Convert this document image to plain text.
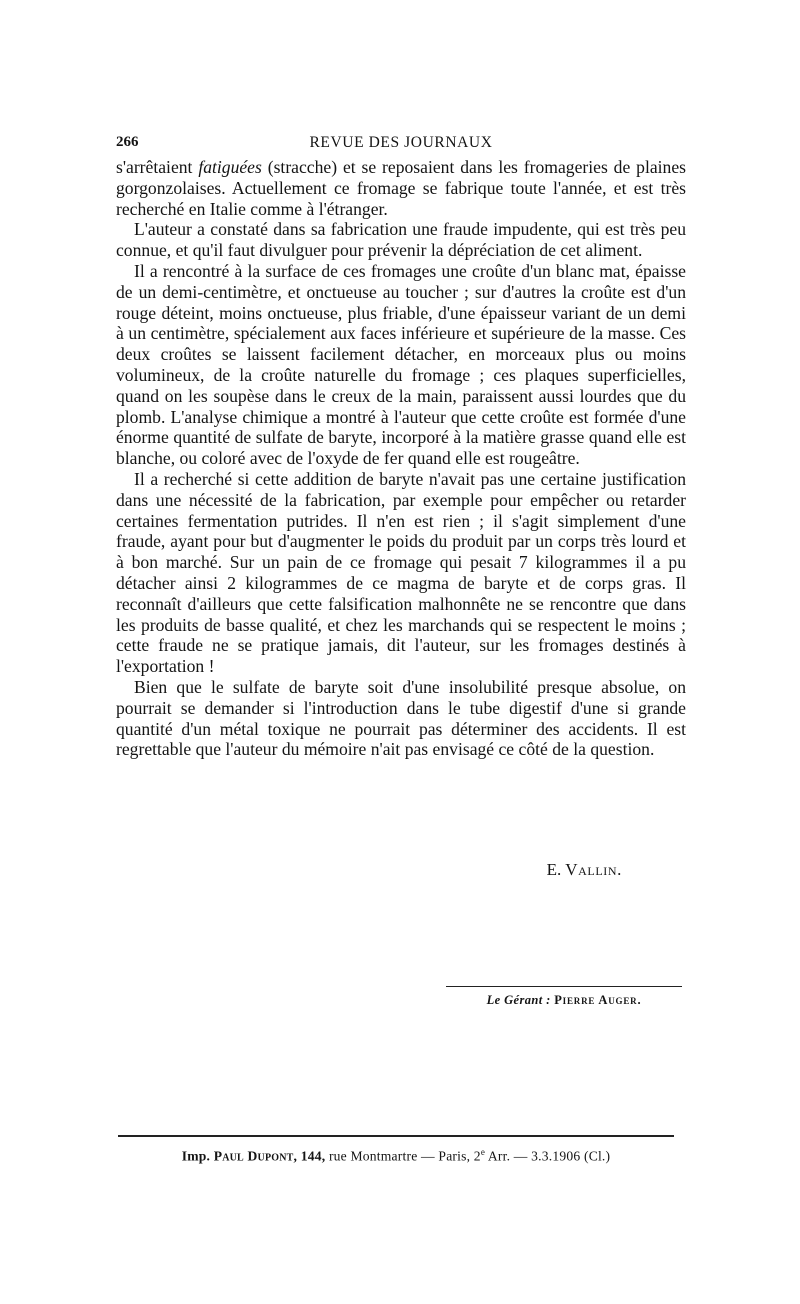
266	REVUE DES JOURNAUX

s'arrêtaient fatiguées (stracche) et se reposaient dans les fromageries de plaines gorgonzolaises. Actuellement ce fromage se fabrique toute l'année, et est très recherché en Italie comme à l'étranger.

L'auteur a constaté dans sa fabrication une fraude impudente, qui est très peu connue, et qu'il faut divulguer pour prévenir la dépréciation de cet aliment.

Il a rencontré à la surface de ces fromages une croûte d'un blanc mat, épaisse de un demi-centimètre, et onctueuse au toucher ; sur d'autres la croûte est d'un rouge déteint, moins onctueuse, plus friable, d'une épaisseur variant de un demi à un centimètre, spécialement aux faces inférieure et supérieure de la masse. Ces deux croûtes se laissent facilement détacher, en morceaux plus ou moins volumineux, de la croûte naturelle du fromage ; ces plaques superficielles, quand on les soupèse dans le creux de la main, paraissent aussi lourdes que du plomb. L'analyse chimique a montré à l'auteur que cette croûte est formée d'une énorme quantité de sulfate de baryte, incorporé à la matière grasse quand elle est blanche, ou coloré avec de l'oxyde de fer quand elle est rougeâtre.

Il a recherché si cette addition de baryte n'avait pas une certaine justification dans une nécessité de la fabrication, par exemple pour empêcher ou retarder certaines fermentation putrides. Il n'en est rien ; il s'agit simplement d'une fraude, ayant pour but d'augmenter le poids du produit par un corps très lourd et à bon marché. Sur un pain de ce fromage qui pesait 7 kilogrammes il a pu détacher ainsi 2 kilogrammes de ce magma de baryte et de corps gras. Il reconnaît d'ailleurs que cette falsification malhonnête ne se rencontre que dans les produits de basse qualité, et chez les marchands qui se respectent le moins ; cette fraude ne se pratique jamais, dit l'auteur, sur les fromages destinés à l'exportation !

Bien que le sulfate de baryte soit d'une insolubilité presque absolue, on pourrait se demander si l'introduction dans le tube digestif d'une si grande quantité d'un métal toxique ne pourrait pas déterminer des accidents. Il est regrettable que l'auteur du mémoire n'ait pas envisagé ce côté de la question.

E. Vallin.
Le Gérant : Pierre Auger.
Imp. Paul Dupont, 144, rue Montmartre — Paris, 2e Arr. — 3.3.1906 (Cl.)
